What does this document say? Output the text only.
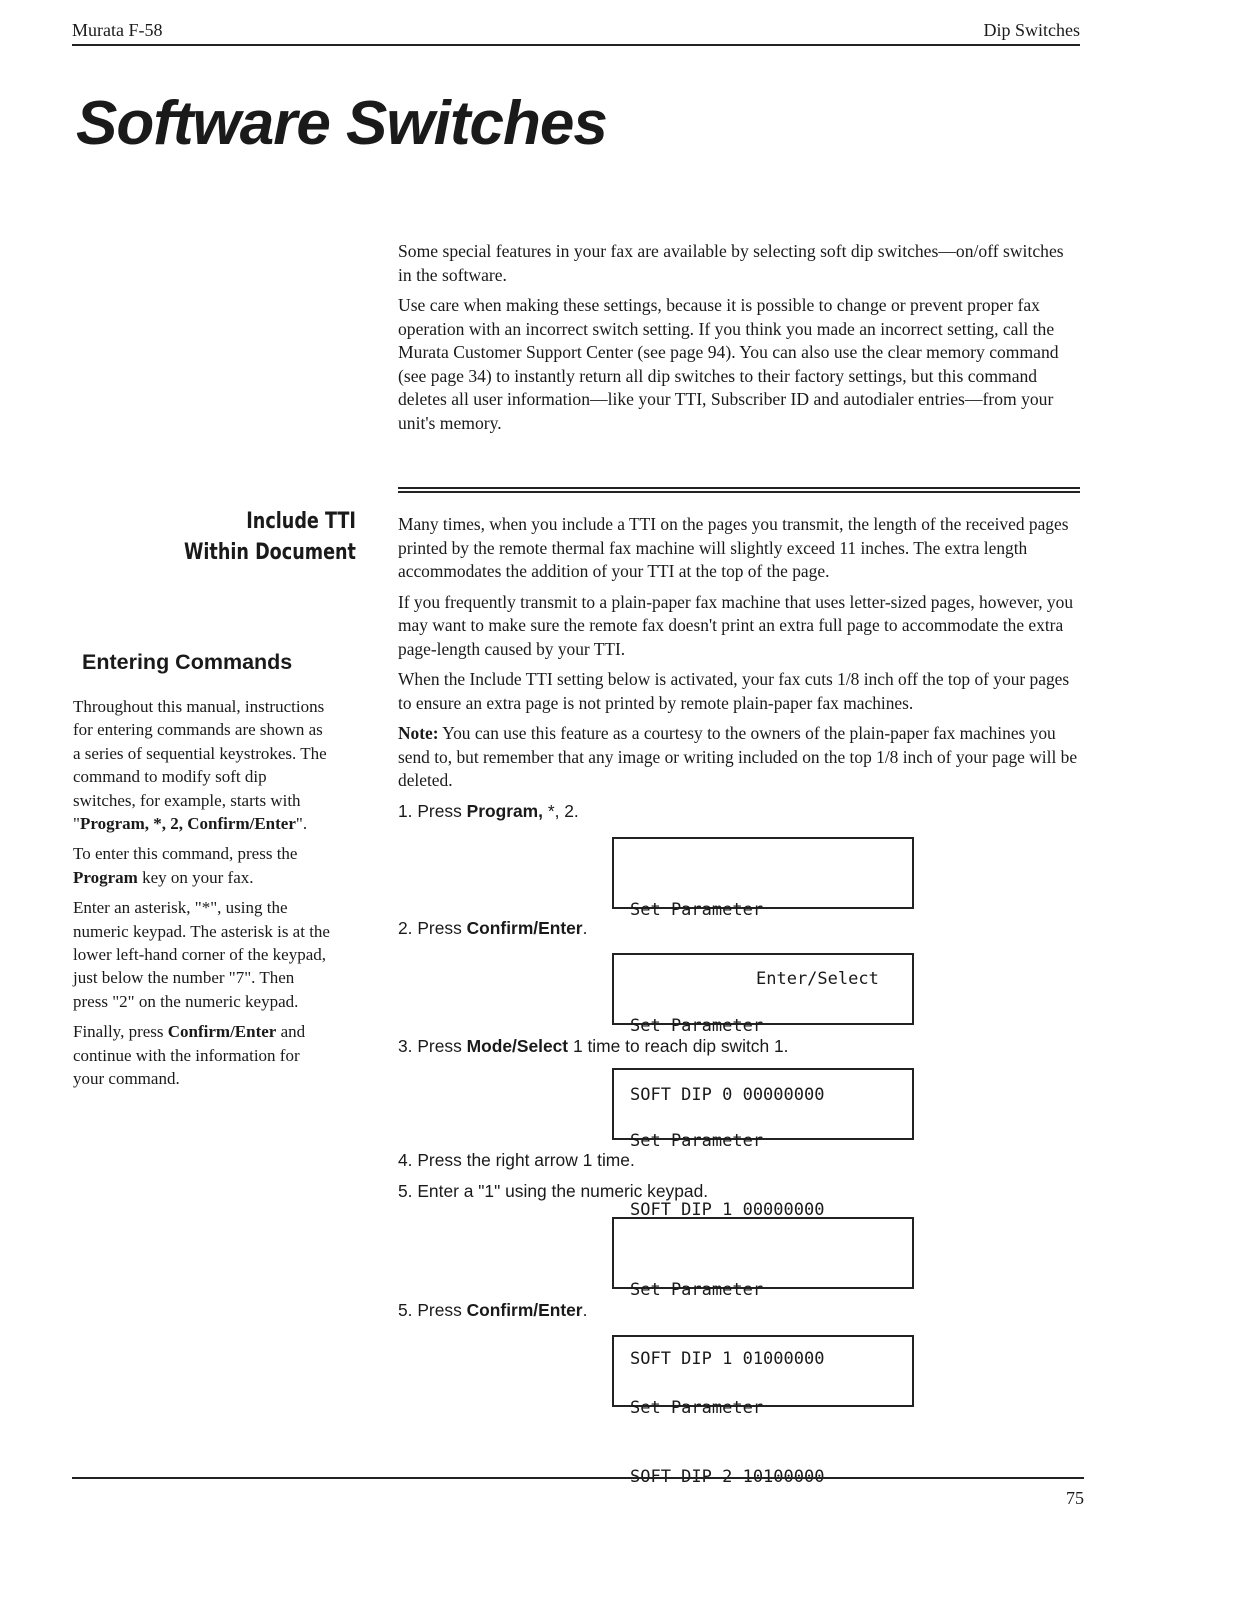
Murata F-58	Dip Switches
Software Switches

Some special features in your fax are available by selecting soft dip switches—on/off switches in the software.

Use care when making these settings, because it is possible to change or prevent proper fax operation with an incorrect switch setting. If you think you made an incorrect setting, call the Murata Customer Support Center (see page 94). You can also use the clear memory command (see page 34) to instantly return all dip switches to their factory settings, but this command deletes all user information—like your TTI, Subscriber ID and autodialer entries—from your unit's memory.

Include TTI
Within Document
Entering Commands

Throughout this manual, instructions for entering commands are shown as a series of sequential keystrokes. The command to modify soft dip switches, for example, starts with "Program, *, 2, Confirm/Enter".

To enter this command, press the Program key on your fax.

Enter an asterisk, "*", using the numeric keypad. The asterisk is at the lower left-hand corner of the keypad, just below the number "7". Then press "2" on the numeric keypad.

Finally, press Confirm/Enter and continue with the information for your command.

Many times, when you include a TTI on the pages you transmit, the length of the received pages printed by the remote thermal fax machine will slightly exceed 11 inches. The extra length accommodates the addition of your TTI at the top of the page.

If you frequently transmit to a plain-paper fax machine that uses letter-sized pages, however, you may want to make sure the remote fax doesn't print an extra full page to accommodate the extra page-length caused by your TTI.

When the Include TTI setting below is activated, your fax cuts 1/8 inch off the top of your pages to ensure an extra page is not printed by remote plain-paper fax machines.

Note: You can use this feature as a courtesy to the owners of the plain-paper fax machines you send to, but remember that any image or writing included on the top 1/8 inch of your page will be deleted.

1. Press Program, *, 2.

Set Parameter

Enter/Select

2. Press Confirm/Enter.

Set Parameter

SOFT DIP 0 00000000

3. Press Mode/Select 1 time to reach dip switch 1.

Set Parameter

SOFT DIP 1 00000000

4. Press the right arrow 1 time.

5. Enter a "1" using the numeric keypad.

Set Parameter

SOFT DIP 1 01000000

5. Press Confirm/Enter.

Set Parameter

SOFT DIP 2 10100000

75
